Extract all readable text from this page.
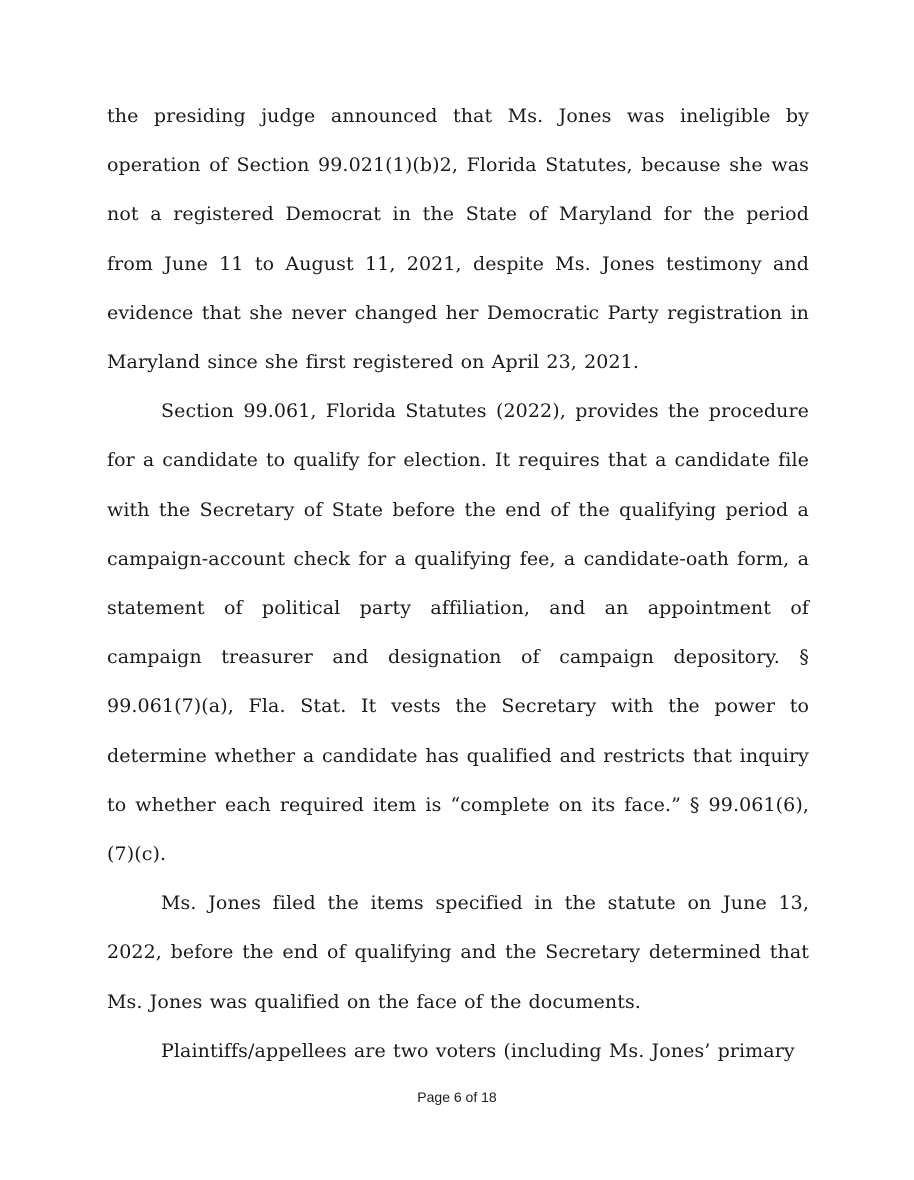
the presiding judge announced that Ms. Jones was ineligible by operation of Section 99.021(1)(b)2, Florida Statutes, because she was not a registered Democrat in the State of Maryland for the period from June 11 to August 11, 2021, despite Ms. Jones testimony and evidence that she never changed her Democratic Party registration in Maryland since she first registered on April 23, 2021.

Section 99.061, Florida Statutes (2022), provides the procedure for a candidate to qualify for election. It requires that a candidate file with the Secretary of State before the end of the qualifying period a campaign-account check for a qualifying fee, a candidate-oath form, a statement of political party affiliation, and an appointment of campaign treasurer and designation of campaign depository. § 99.061(7)(a), Fla. Stat. It vests the Secretary with the power to determine whether a candidate has qualified and restricts that inquiry to whether each required item is “complete on its face.” § 99.061(6), (7)(c).

Ms. Jones filed the items specified in the statute on June 13, 2022, before the end of qualifying and the Secretary determined that Ms. Jones was qualified on the face of the documents.

Plaintiffs/appellees are two voters (including Ms. Jones’ primary

Page 6 of 18
